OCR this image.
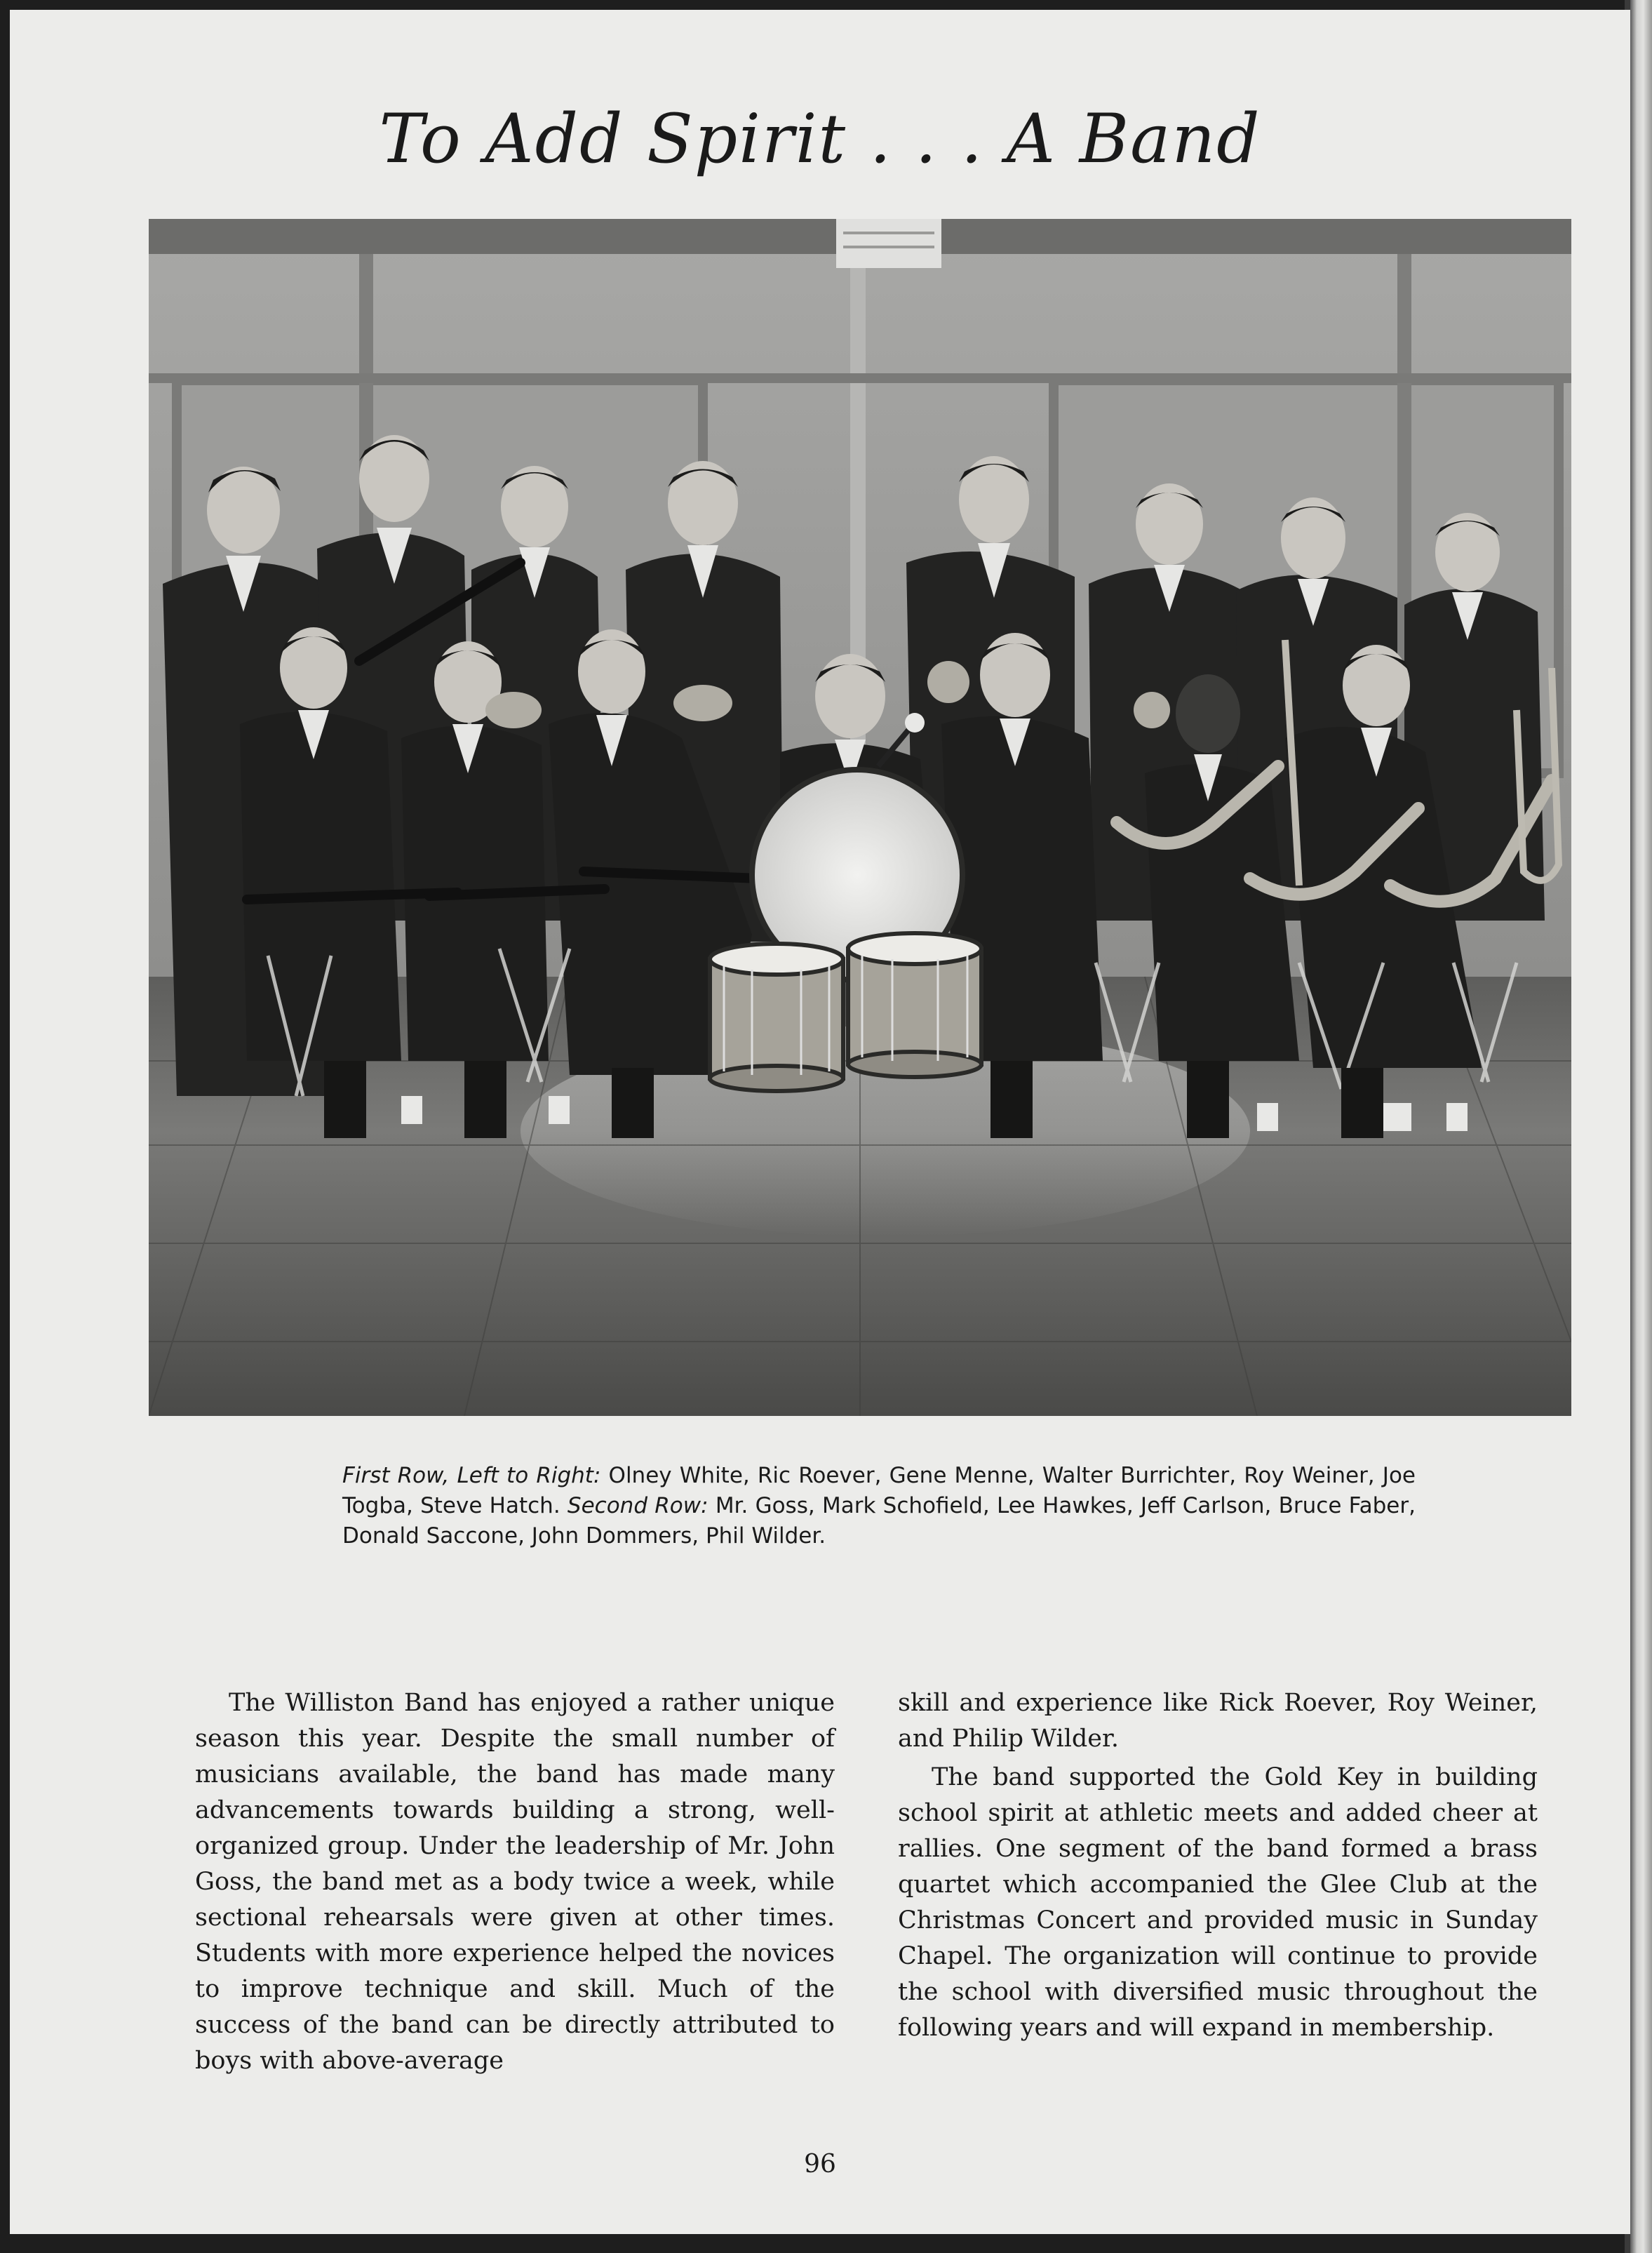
To Add Spirit . . . A Band

First Row, Left to Right: Olney White, Ric Roever, Gene Menne, Walter Burrichter, Roy Weiner, Joe Togba, Steve Hatch. Second Row: Mr. Goss, Mark Schofield, Lee Hawkes, Jeff Carlson, Bruce Faber, Donald Saccone, John Dommers, Phil Wilder.

The Williston Band has enjoyed a rather unique season this year. Despite the small number of musicians available, the band has made many advancements towards building a strong, well-organized group. Under the leadership of Mr. John Goss, the band met as a body twice a week, while sectional rehearsals were given at other times. Students with more experience helped the novices to improve technique and skill. Much of the success of the band can be directly attributed to boys with above-average

skill and experience like Rick Roever, Roy Weiner, and Philip Wilder.

The band supported the Gold Key in building school spirit at athletic meets and added cheer at rallies. One segment of the band formed a brass quartet which accompanied the Glee Club at the Christmas Concert and provided music in Sunday Chapel. The organization will continue to provide the school with diversified music throughout the following years and will expand in membership.

96
